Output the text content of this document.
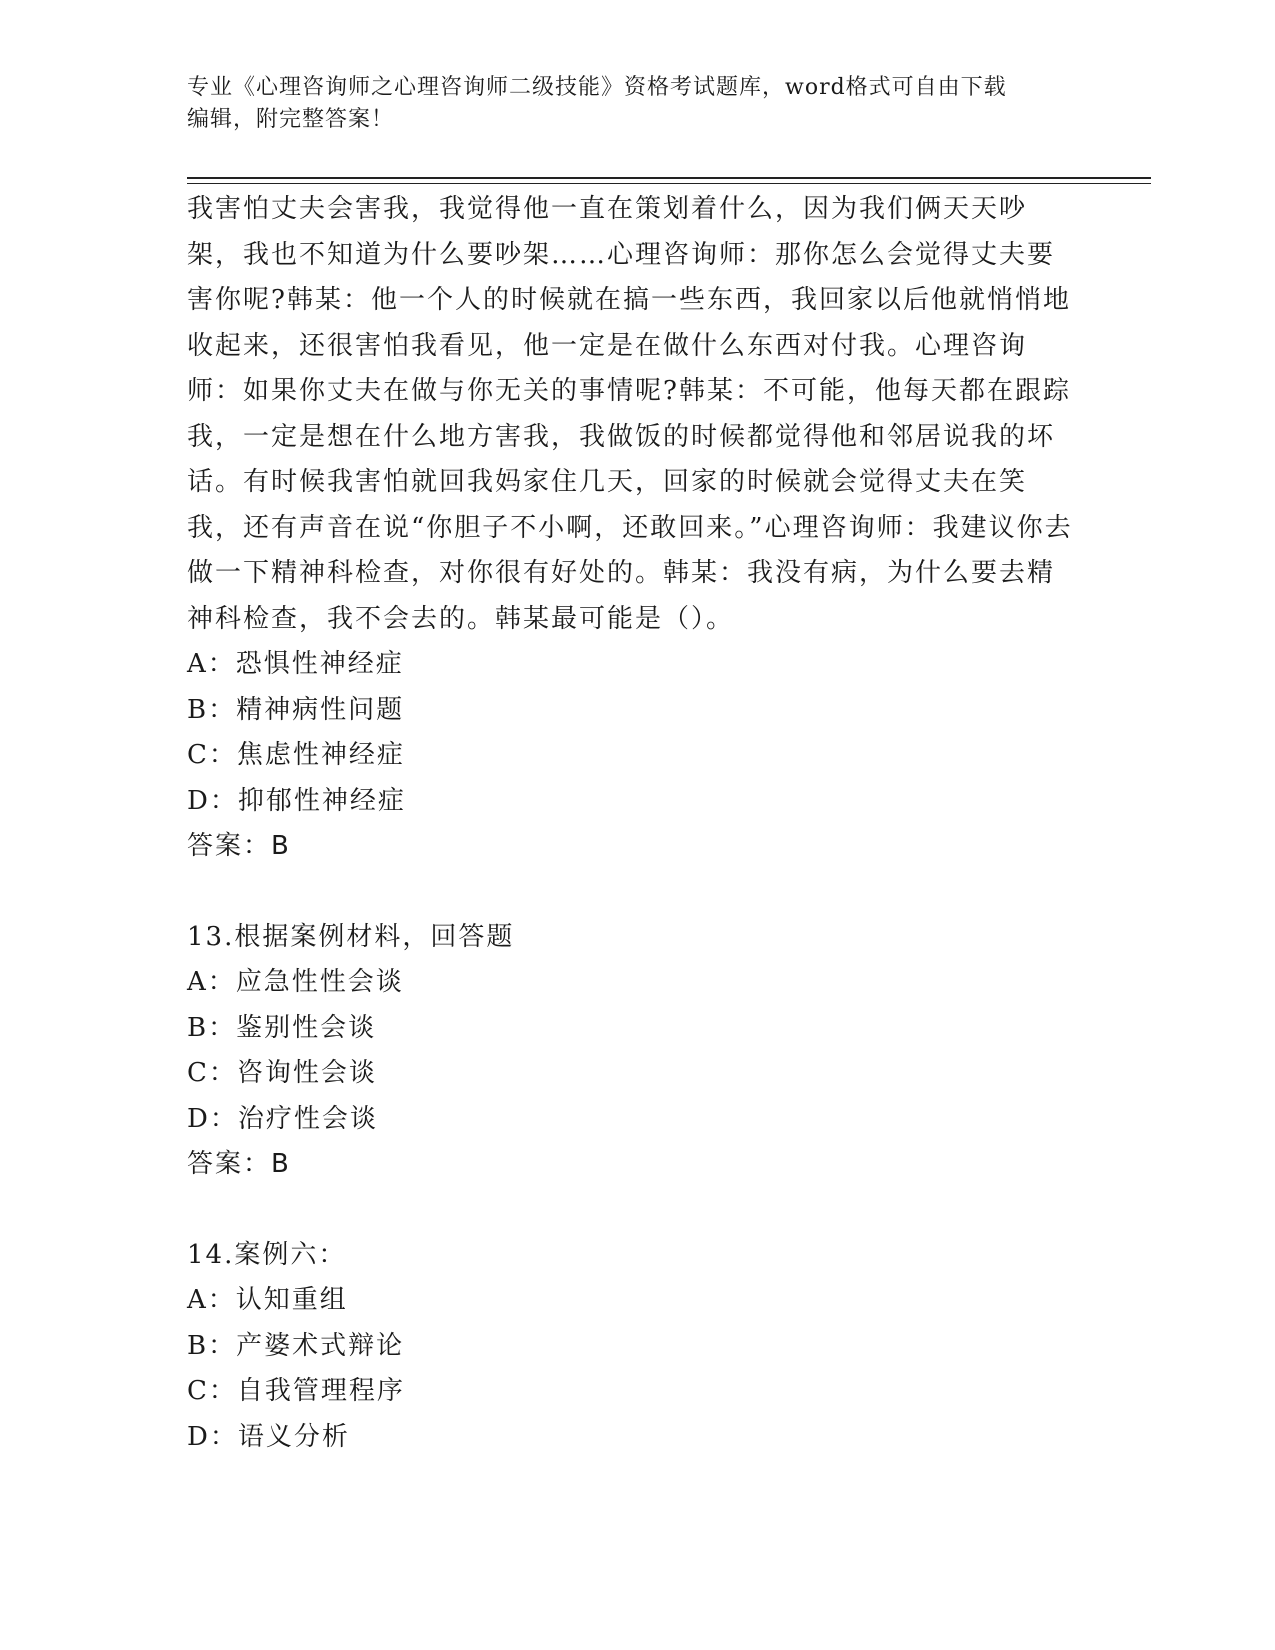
专业《心理咨询师之心理咨询师二级技能》资格考试题库，word格式可自由下载
编辑，附完整答案！

我害怕丈夫会害我，我觉得他一直在策划着什么，因为我们俩天天吵架，我也不知道为什么要吵架……心理咨询师：那你怎么会觉得丈夫要害你呢?韩某：他一个人的时候就在搞一些东西，我回家以后他就悄悄地收起来，还很害怕我看见，他一定是在做什么东西对付我。心理咨询师：如果你丈夫在做与你无关的事情呢?韩某：不可能，他每天都在跟踪我，一定是想在什么地方害我，我做饭的时候都觉得他和邻居说我的坏话。有时候我害怕就回我妈家住几天，回家的时候就会觉得丈夫在笑我，还有声音在说“你胆子不小啊，还敢回来。”心理咨询师：我建议你去做一下精神科检查，对你很有好处的。韩某：我没有病，为什么要去精神科检查，我不会去的。韩某最可能是（）。

A：恐惧性神经症

B：精神病性问题

C：焦虑性神经症

D：抑郁性神经症

答案：B

13.根据案例材料，回答题

A：应急性性会谈

B：鉴别性会谈

C：咨询性会谈

D：治疗性会谈

答案：B

14.案例六：

A：认知重组

B：产婆术式辩论

C：自我管理程序

D：语义分析
